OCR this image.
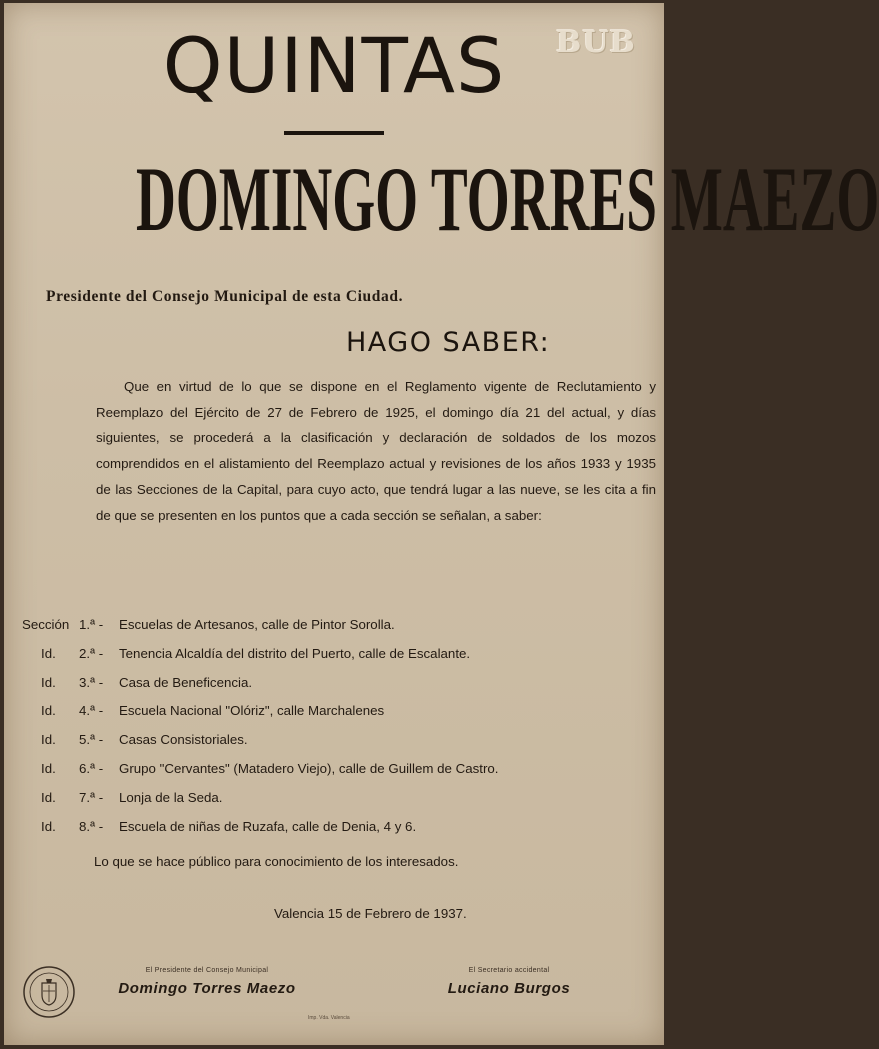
BUB
QUINTAS
DOMINGO TORRES MAEZO
Presidente del Consejo Municipal de esta Ciudad.
HAGO SABER:
Que en virtud de lo que se dispone en el Reglamento vigente de Reclutamiento y Reemplazo del Ejército de 27 de Febrero de 1925, el domingo día 21 del actual, y días siguientes, se procederá a la clasificación y declaración de soldados de los mozos comprendidos en el alistamiento del Reemplazo actual y revisiones de los años 1933 y 1935 de las Secciones de la Capital, para cuyo acto, que tendrá lugar a las nueve, se les cita a fin de que se presenten en los puntos que a cada sección se señalan, a saber:
Sección 1.ª - Escuelas de Artesanos, calle de Pintor Sorolla.
Id. 2.ª - Tenencia Alcaldía del distrito del Puerto, calle de Escalante.
Id. 3.ª - Casa de Beneficencia.
Id. 4.ª - Escuela Nacional "Olóriz", calle Marchalenes
Id. 5.ª - Casas Consistoriales.
Id. 6.ª - Grupo "Cervantes" (Matadero Viejo), calle de Guillem de Castro.
Id. 7.ª - Lonja de la Seda.
Id. 8.ª - Escuela de niñas de Ruzafa, calle de Denia, 4 y 6.
Lo que se hace público para conocimiento de los interesados.
Valencia 15 de Febrero de 1937.
El Presidente del Consejo Municipal
Domingo Torres Maezo
El Secretario accidental
Luciano Burgos
Imp. Vda. Valencia
